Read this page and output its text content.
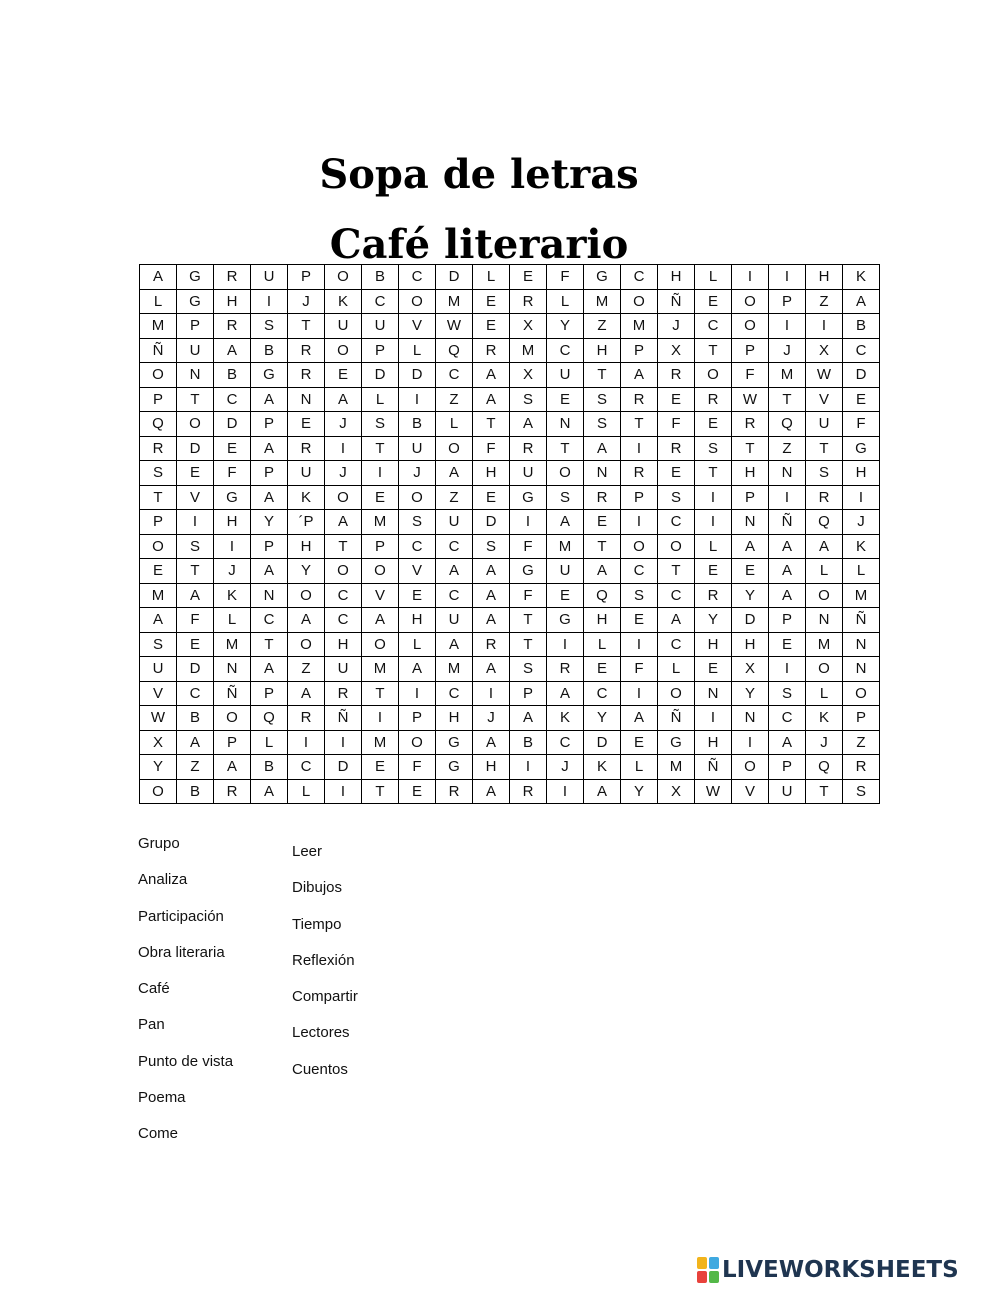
Sopa de letras
Café literario
A	G	R	U	P	O	B	C	D	L	E	F	G	C	H	L	I	I	H	K
L	G	H	I	J	K	C	O	M	E	R	L	M	O	Ñ	E	O	P	Z	A
M	P	R	S	T	U	U	V	W	E	X	Y	Z	M	J	C	O	I	I	B
Ñ	U	A	B	R	O	P	L	Q	R	M	C	H	P	X	T	P	J	X	C
O	N	B	G	R	E	D	D	C	A	X	U	T	A	R	O	F	M	W	D
P	T	C	A	N	A	L	I	Z	A	S	E	S	R	E	R	W	T	V	E
Q	O	D	P	E	J	S	B	L	T	A	N	S	T	F	E	R	Q	U	F
R	D	E	A	R	I	T	U	O	F	R	T	A	I	R	S	T	Z	T	G
S	E	F	P	U	J	I	J	A	H	U	O	N	R	E	T	H	N	S	H
T	V	G	A	K	O	E	O	Z	E	G	S	R	P	S	I	P	I	R	I
P	I	H	Y	´P	A	M	S	U	D	I	A	E	I	C	I	N	Ñ	Q	J
O	S	I	P	H	T	P	C	C	S	F	M	T	O	O	L	A	A	A	K
E	T	J	A	Y	O	O	V	A	A	G	U	A	C	T	E	E	A	L	L
M	A	K	N	O	C	V	E	C	A	F	E	Q	S	C	R	Y	A	O	M
A	F	L	C	A	C	A	H	U	A	T	G	H	E	A	Y	D	P	N	Ñ
S	E	M	T	O	H	O	L	A	R	T	I	L	I	C	H	H	E	M	N
U	D	N	A	Z	U	M	A	M	A	S	R	E	F	L	E	X	I	O	N
V	C	Ñ	P	A	R	T	I	C	I	P	A	C	I	O	N	Y	S	L	O
W	B	O	Q	R	Ñ	I	P	H	J	A	K	Y	A	Ñ	I	N	C	K	P
X	A	P	L	I	I	M	O	G	A	B	C	D	E	G	H	I	A	J	Z
Y	Z	A	B	C	D	E	F	G	H	I	J	K	L	M	Ñ	O	P	Q	R
O	B	R	A	L	I	T	E	R	A	R	I	A	Y	X	W	V	U	T	S
Grupo
Analiza
Participación
Obra literaria
Café
Pan
Punto de vista
Poema
Come
Leer
Dibujos
Tiempo
Reflexión
Compartir
Lectores
Cuentos
LIVEWORKSHEETS
